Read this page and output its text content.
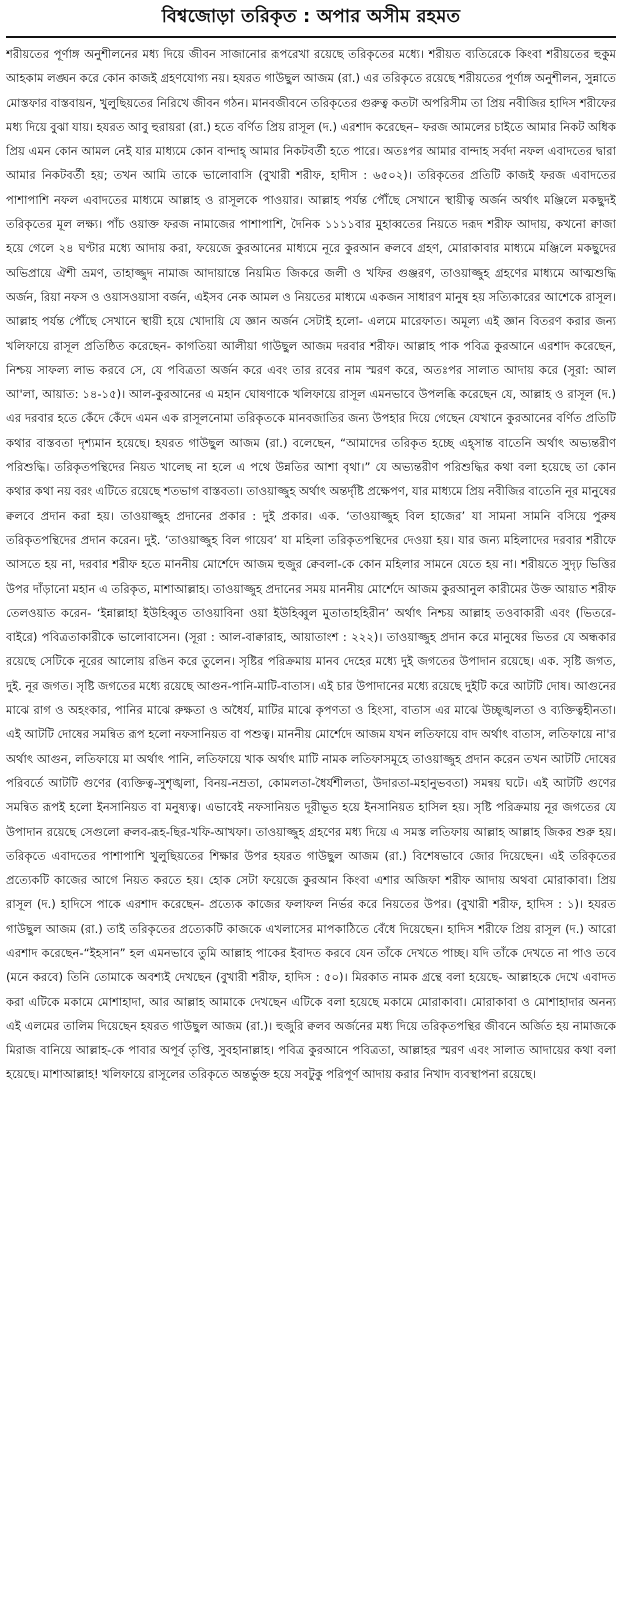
বিশ্বজোড়া তরিকৃত : অপার অসীম রহমত

শরীয়তের পূর্ণাঙ্গ অনুশীলনের মধ্য দিয়ে জীবন সাজানোর রূপরেখা রয়েছে তরিকৃতের মধ্যে। শরীয়ত ব্যতিরেকে কিংবা শরীয়তের হুকুম আহকাম লঙ্ঘন করে কোন কাজই গ্রহণযোগ্য নয়। হযরত গাউছুল আজম (রা.) এর তরিকৃতে রয়েছে শরীয়তের পূর্ণাঙ্গ অনুশীলন, সুন্নাতে মোস্তফার বাস্তবায়ন, খুলুছিয়তের নিরিখে জীবন গঠন। মানবজীবনে তরিকৃতের গুরুত্ব কতটা অপরিসীম তা প্রিয় নবীজির হাদিস শরীফের মধ্য দিয়ে বুঝা যায়। হযরত আবু হুরায়রা (রা.) হতে বর্ণিত প্রিয় রাসূল (দ.) এরশাদ করেছেন– ফরজ আমলের চাইতে আমার নিকট অধিক প্রিয় এমন কোন আমল নেই যার মাধ্যমে কোন বান্দাহ্ আমার নিকটবর্তী হতে পারে। অতঃপর আমার বান্দাহ সর্বদা নফল এবাদতের দ্বারা আমার নিকটবর্তী হয়; তখন আমি তাকে ভালোবাসি (বুখারী শরীফ, হাদীস : ৬৫০২)। তরিকৃতের প্রতিটি কাজই ফরজ এবাদতের পাশাপাশি নফল এবাদতের মাধ্যমে আল্লাহ ও রাসূলকে পাওয়ার। আল্লাহ পর্যন্ত পৌঁছে সেখানে স্থায়ীত্ব অর্জন অর্থাৎ মঞ্জিলে মকছুদই তরিকৃতের মূল লক্ষ্য। পাঁচ ওয়াক্ত ফরজ নামাজের পাশাপাশি, দৈনিক ১১১১বার মুহাব্বতের নিয়তে দরূদ শরীফ আদায়, কখনো ক্বাজা হয়ে গেলে ২৪ ঘণ্টার মধ্যে আদায় করা, ফয়েজে কুরআনের মাধ্যমে নূরে কুরআন ক্বলবে গ্রহণ, মোরাকাবার মাধ্যমে মঞ্জিলে মকছুদের অভিপ্রায়ে ঐশী ভ্রমণ, তাহাজ্জুদ নামাজ আদায়ান্তে নিয়মিত জিকরে জলী ও খফির গুঞ্জরণ, তাওয়াজ্জুহ গ্রহণের মাধ্যমে আত্মশুদ্ধি অর্জন, রিয়া নফস ও ওয়াসওয়াসা বর্জন, এইসব নেক আমল ও নিয়তের মাধ্যমে একজন সাধারণ মানুষ হয় সত্যিকারের আশেকে রাসূল। আল্লাহ পর্যন্ত পৌঁছে সেখানে স্থায়ী হয়ে খোদায়ি যে জ্ঞান অর্জন সেটাই হলো- এলমে মারেফাত। অমূল্য এই জ্ঞান বিতরণ করার জন্য খলিফায়ে রাসূল প্রতিষ্ঠিত করেছেন- কাগতিয়া আলীয়া গাউছুল আজম দরবার শরীফ। আল্লাহ পাক পবিত্র কুরআনে এরশাদ করেছেন, নিশ্চয় সাফল্য লাভ করবে সে, যে পবিত্রতা অর্জন করে এবং তার রবের নাম স্মরণ করে, অতঃপর সালাত আদায় করে (সূরা: আল আ'লা, আয়াত: ১৪-১৫)। আল-কুরআনের এ মহান ঘোষণাকে খলিফায়ে রাসূল এমনভাবে উপলব্ধি করেছেন যে, আল্লাহ ও রাসূল (দ.) এর দরবার হতে কেঁদে কেঁদে এমন এক রাসূলনোমা তরিকৃতকে মানবজাতির জন্য উপহার দিয়ে গেছেন যেখানে কুরআনের বর্ণিত প্রতিটি কথার বাস্তবতা দৃশ্যমান হয়েছে। হযরত গাউছুল আজম (রা.) বলেছেন, “আমাদের তরিকৃত হচ্ছে এহ্সান্ত বাতেনি অর্থাৎ অভ্যন্তরীণ পরিশুদ্ধি। তরিকৃতপন্থিদের নিয়ত খালেছ না হলে এ পথে উন্নতির আশা বৃথা।” যে অভ্যন্তরীণ পরিশুদ্ধির কথা বলা হয়েছে তা কোন কথার কথা নয় বরং এটিতে রয়েছে শতভাগ বাস্তবতা। তাওয়াজ্জুহ অর্থাৎ অন্তর্দৃষ্টি প্রক্ষেপণ, যার মাধ্যমে প্রিয় নবীজির বাতেনি নূর মানুষের ক্বলবে প্রদান করা হয়। তাওয়াজ্জুহ প্রদানের প্রকার : দুই প্রকার। এক. ‘তাওয়াজ্জুহ বিল হাজের’ যা সামনা সামনি বসিয়ে পুরুষ তরিকৃতপন্থিদের প্রদান করেন। দুই. ‘তাওয়াজ্জুহ বিল গায়েব’ যা মহিলা তরিকৃতপন্থিদের দেওয়া হয়। যার জন্য মহিলাদের দরবার শরীফে আসতে হয় না, দরবার শরীফ হতে মাননীয় মোর্শেদে আজম হুজুর ক্বেবলা-কে কোন মহিলার সামনে যেতে হয় না। শরীয়তে সুদৃঢ় ভিত্তির উপর দাঁড়ানো মহান এ তরিকৃত, মাশাআল্লাহ। তাওয়াজ্জুহ প্রদানের সময় মাননীয় মোর্শেদে আজম কুরআনুল কারীমের উক্ত আয়াত শরীফ তেলওয়াত করেন- ‘ইন্নাল্লাহা ইউহিব্বুত তাওয়াবিনা ওয়া ইউহিব্বুল মুতাতাহহিরীন’ অর্থাৎ নিশ্চয় আল্লাহ তওবাকারী এবং (ভিতরে-বাইরে) পবিত্রতাকারীকে ভালোবাসেন। (সূরা : আল-বাক্বারাহ, আয়াতাংশ : ২২২)। তাওয়াজ্জুহ প্রদান করে মানুষের ভিতর যে অন্ধকার রয়েছে সেটিকে নূরের আলোয় রঙিন করে তুলেন। সৃষ্টির পরিক্রমায় মানব দেহের মধ্যে দুই জগতের উপাদান রয়েছে। এক. সৃষ্টি জগত, দুই. নূর জগত। সৃষ্টি জগতের মধ্যে রয়েছে আগুন-পানি-মাটি-বাতাস। এই চার উপাদানের মধ্যে রয়েছে দুইটি করে আটটি দোষ। আগুনের মাঝে রাগ ও অহংকার, পানির মাঝে রুক্ষতা ও অধৈর্য, মাটির মাঝে কৃপণতা ও হিংসা, বাতাস এর মাঝে উচ্ছৃঙ্খলতা ও ব্যক্তিত্বহীনতা। এই আটটি দোষের সমন্বিত রূপ হলো নফসানিয়ত বা পশুত্ব। মাননীয় মোর্শেদে আজম যখন লতিফায়ে বাদ অর্থাৎ বাতাস, লতিফায়ে না'র অর্থাৎ আগুন, লতিফায়ে মা অর্থাৎ পানি, লতিফায়ে খাক অর্থাৎ মাটি নামক লতিফাসমূহে তাওয়াজ্জুহ প্রদান করেন তখন আটটি দোষের পরিবর্তে আটটি গুণের (ব্যক্তিত্ব-সুশৃঙ্খলা, বিনয়-নম্রতা, কোমলতা-ধৈর্যশীলতা, উদারতা-মহানুভবতা) সমন্বয় ঘটে। এই আটটি গুণের সমন্বিত রূপই হলো ইনসানিয়ত বা মনুষ্যত্ব। এভাবেই নফসানিয়ত দূরীভূত হয়ে ইনসানিয়ত হাসিল হয়। সৃষ্টি পরিক্রমায় নূর জগতের যে উপাদান রয়েছে সেগুলো ক্বলব-রূহ-ছির-খফি-আখফা। তাওয়াজ্জুহ গ্রহণের মধ্য দিয়ে এ সমস্ত লতিফায় আল্লাহ আল্লাহ জিকর শুরু হয়। তরিকৃতে এবাদতের পাশাপাশি খুলুছিয়তের শিক্ষার উপর হযরত গাউছুল আজম (রা.) বিশেষভাবে জোর দিয়েছেন। এই তরিকৃতের প্রত্যেকটি কাজের আগে নিয়ত করতে হয়। হোক সেটা ফয়েজে কুরআন কিংবা এশার অজিফা শরীফ আদায় অথবা মোরাকাবা। প্রিয় রাসূল (দ.) হাদিসে পাকে এরশাদ করেছেন- প্রত্যেক কাজের ফলাফল নির্ভর করে নিয়তের উপর। (বুখারী শরীফ, হাদিস : ১)। হযরত গাউছুল আজম (রা.) তাই তরিকৃতের প্রত্যেকটি কাজকে এখলাসের মাপকাঠিতে বেঁধে দিয়েছেন। হাদিস শরীফে প্রিয় রাসূল (দ.) আরো এরশাদ করেছেন-“ইহসান” হল এমনভাবে তুমি আল্লাহ পাকের ইবাদত করবে যেন তাঁকে দেখতে পাচ্ছ। যদি তাঁকে দেখতে না পাও তবে (মনে করবে) তিনি তোমাকে অবশ্যই দেখছেন (বুখারী শরীফ, হাদিস : ৫০)। মিরকাত নামক গ্রন্থে বলা হয়েছে- আল্লাহকে দেখে এবাদত করা এটিকে মকামে মোশাহাদা, আর আল্লাহ আমাকে দেখছেন এটিকে বলা হয়েছে মকামে মোরাকাবা। মোরাকাবা ও মোশাহাদার অনন্য এই এলমের তালিম দিয়েছেন হযরত গাউছুল আজম (রা.)। হুজুরি ক্বলব অর্জনের মধ্য দিয়ে তরিকৃতপন্থির জীবনে অর্জিত হয় নামাজকে মিরাজ বানিয়ে আল্লাহ-কে পাবার অপূর্ব তৃপ্তি, সুবহানাল্লাহ। পবিত্র কুরআনে পবিত্রতা, আল্লাহর স্মরণ এবং সালাত আদায়ের কথা বলা হয়েছে। মাশাআল্লাহ! খলিফায়ে রাসূলের তরিকৃতে অন্তর্ভুক্ত হয়ে সবটুকু পরিপূর্ণ আদায় করার নিখাদ ব্যবস্থাপনা রয়েছে।
